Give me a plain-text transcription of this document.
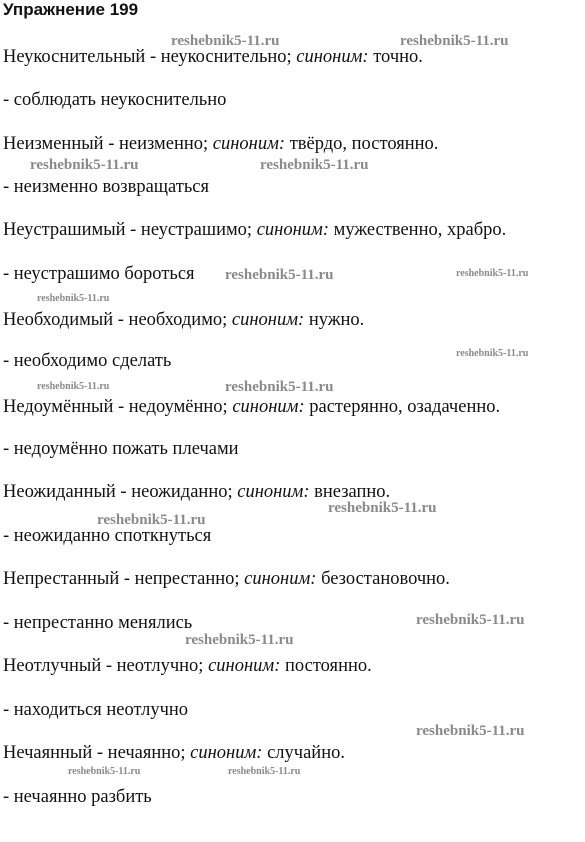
Упражнение 199
Неукоснительный - неукоснительно; синоним: точно.
- соблюдать неукоснительно
Неизменный - неизменно; синоним: твёрдо, постоянно.
- неизменно возвращаться
Неустрашимый - неустрашимо; синоним: мужественно, храбро.
- неустрашимо бороться
Необходимый - необходимо; синоним: нужно.
- необходимо сделать
Недоумённый - недоумённо; синоним: растерянно, озадаченно.
- недоумённо пожать плечами
Неожиданный - неожиданно; синоним: внезапно.
- неожиданно споткнуться
Непрестанный - непрестанно; синоним: безостановочно.
- непрестанно менялись
Неотлучный - неотлучно; синоним: постоянно.
- находиться неотлучно
Нечаянный - нечаянно; синоним: случайно.
- нечаянно разбить
reshebnik5-11.ru	reshebnik5-11.ru
reshebnik5-11.ru	reshebnik5-11.ru
reshebnik5-11.ru	reshebnik5-11.ru
reshebnik5-11.ru
reshebnik5-11.ru
reshebnik5-11.ru	reshebnik5-11.ru
reshebnik5-11.ru
reshebnik5-11.ru
reshebnik5-11.ru
reshebnik5-11.ru
reshebnik5-11.ru
reshebnik5-11.ru	reshebnik5-11.ru
